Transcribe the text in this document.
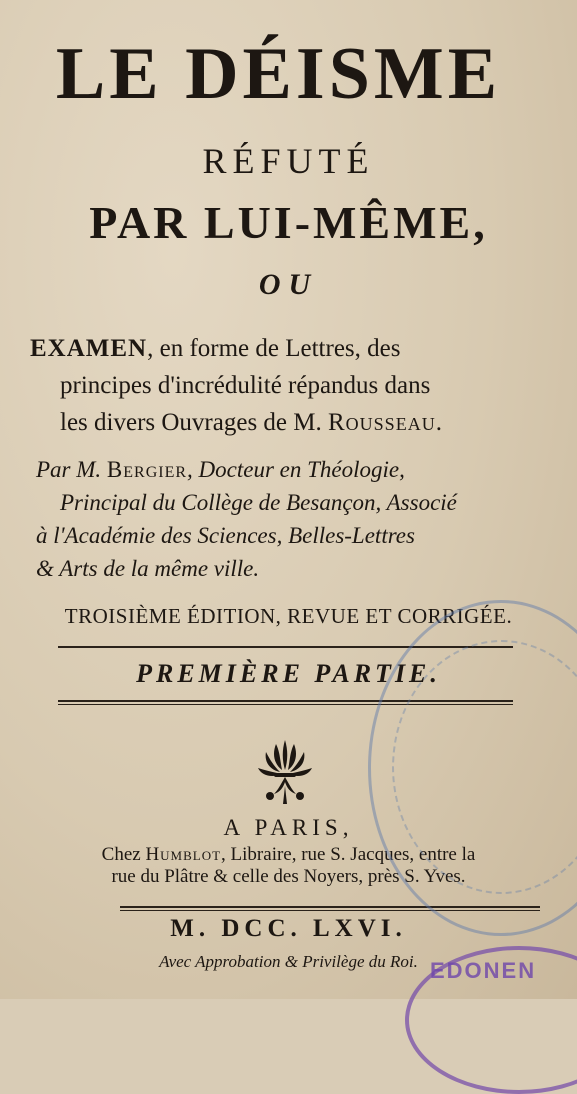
LE DÉISME
RÉFUTÉ
PAR LUI-MÊME,
OU
EXAMEN, en forme de Lettres, des
principes d'incrédulité répandus dans
les divers Ouvrages de M. Rousseau.
Par M. Bergier, Docteur en Théologie,
Principal du Collège de Besançon, Associé
à l'Académie des Sciences, Belles-Lettres
& Arts de la même ville.
TROISIÈME ÉDITION, REVUE ET CORRIGÉE.
PREMIÈRE PARTIE.
A PARIS,
Chez Humblot, Libraire, rue S. Jacques, entre la
rue du Plâtre & celle des Noyers, près S. Yves.
M. DCC. LXVI.
Avec Approbation & Privilège du Roi. EDONEN
